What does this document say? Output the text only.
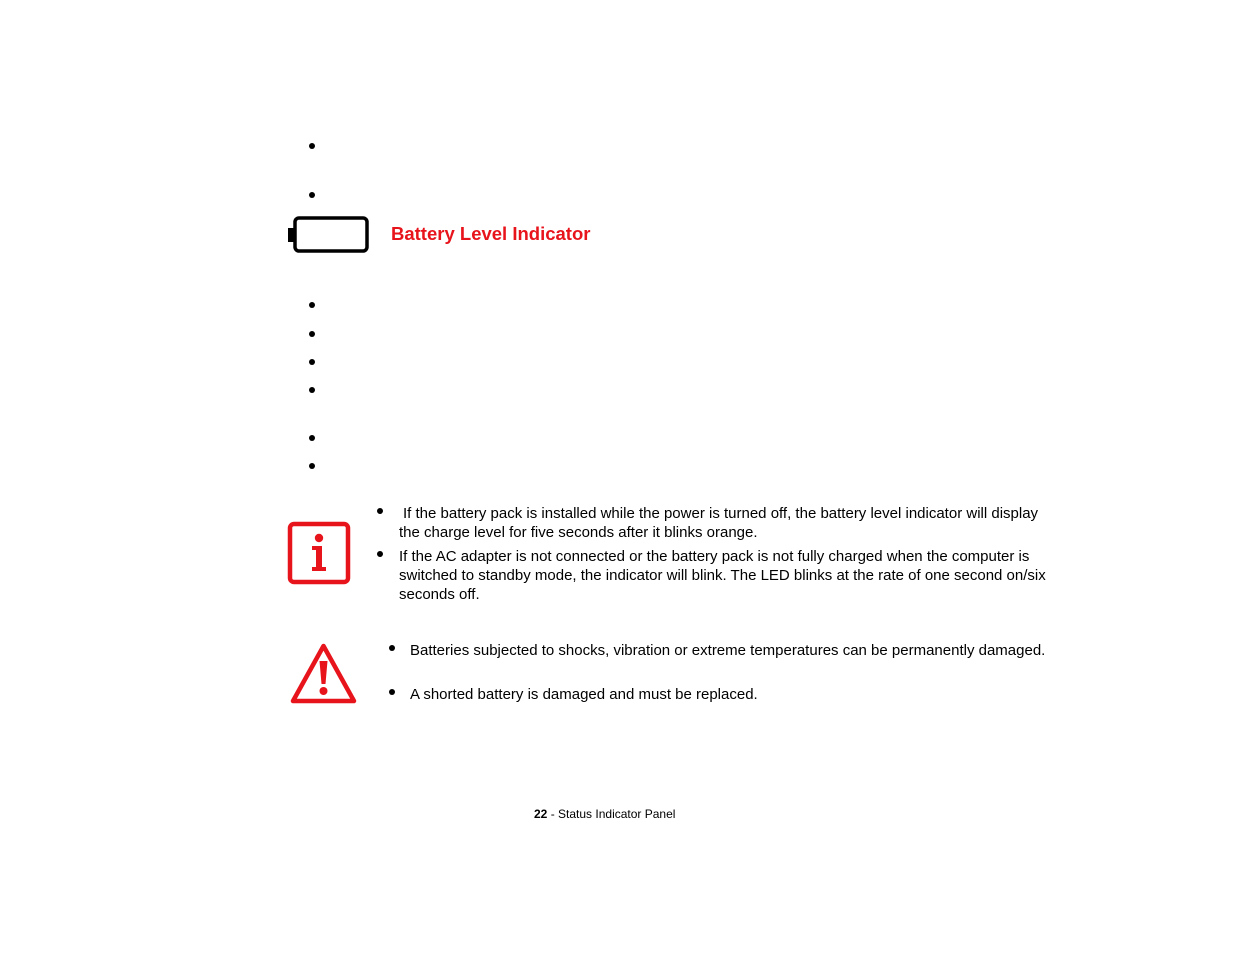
Battery Level Indicator
If the battery pack is installed while the power is turned off, the battery level indicator will display the charge level for five seconds after it blinks orange.
If the AC adapter is not connected or the battery pack is not fully charged when the computer is switched to standby mode, the indicator will blink. The LED blinks at the rate of one second on/six seconds off.
Batteries subjected to shocks, vibration or extreme temperatures can be permanently damaged.
A shorted battery is damaged and must be replaced.
22 - Status Indicator Panel
